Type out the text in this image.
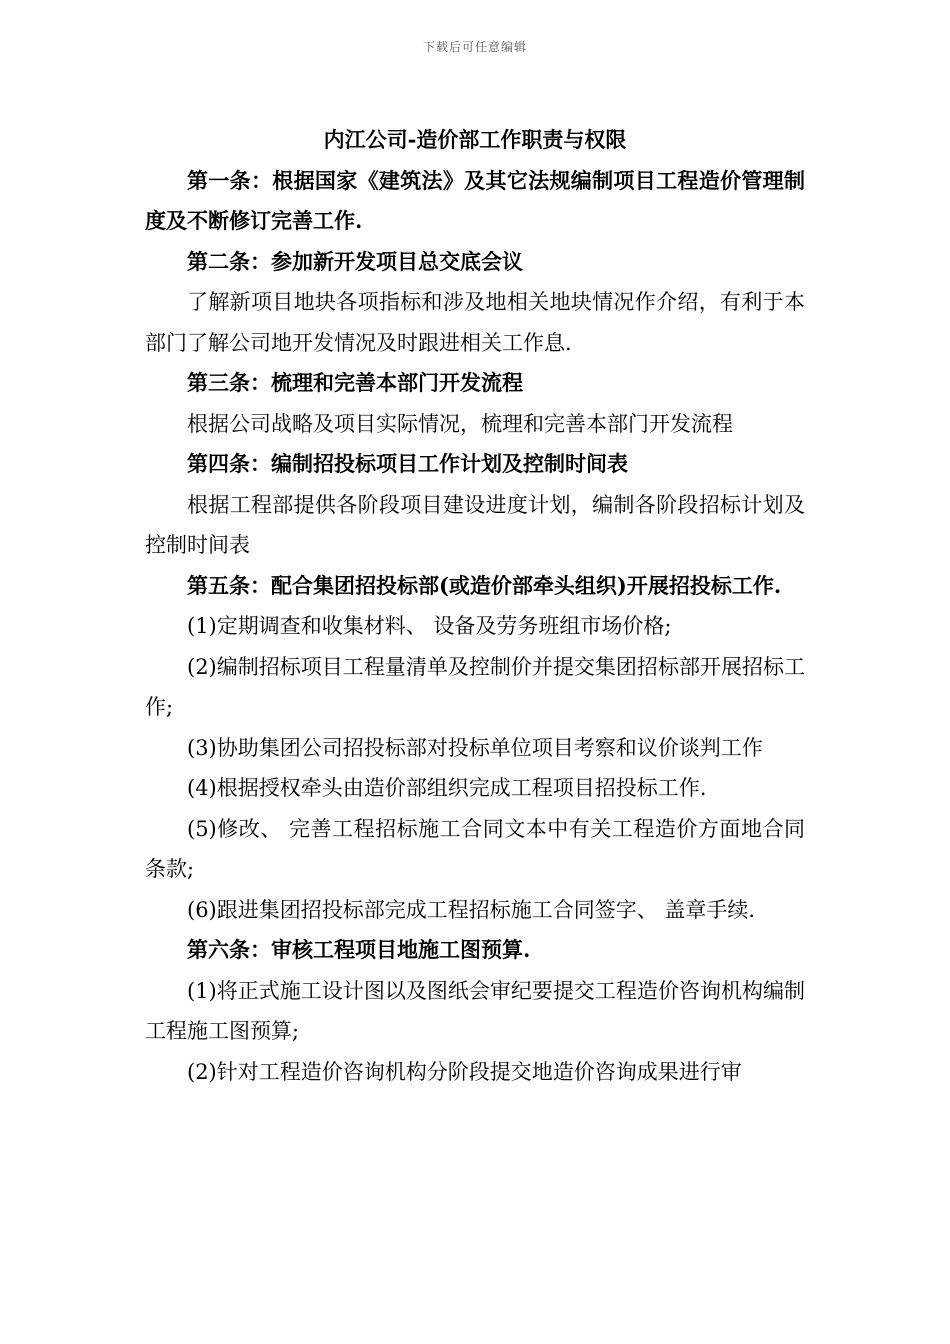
下载后可任意编辑

内江公司-造价部工作职责与权限

第一条：根据国家《建筑法》及其它法规编制项目工程造价管理制度及不断修订完善工作.

第二条：参加新开发项目总交底会议

了解新项目地块各项指标和涉及地相关地块情况作介绍，有利于本部门了解公司地开发情况及时跟进相关工作息.

第三条：梳理和完善本部门开发流程

根据公司战略及项目实际情况，梳理和完善本部门开发流程

第四条：编制招投标项目工作计划及控制时间表

根据工程部提供各阶段项目建设进度计划，编制各阶段招标计划及控制时间表

第五条：配合集团招投标部(或造价部牵头组织)开展招投标工作.

(1)定期调查和收集材料、 设备及劳务班组市场价格;

(2)编制招标项目工程量清单及控制价并提交集团招标部开展招标工作;

(3)协助集团公司招投标部对投标单位项目考察和议价谈判工作

(4)根据授权牵头由造价部组织完成工程项目招投标工作.

(5)修改、 完善工程招标施工合同文本中有关工程造价方面地合同条款;

(6)跟进集团招投标部完成工程招标施工合同签字、 盖章手续.

第六条：审核工程项目地施工图预算.

(1)将正式施工设计图以及图纸会审纪要提交工程造价咨询机构编制工程施工图预算;

(2)针对工程造价咨询机构分阶段提交地造价咨询成果进行审
